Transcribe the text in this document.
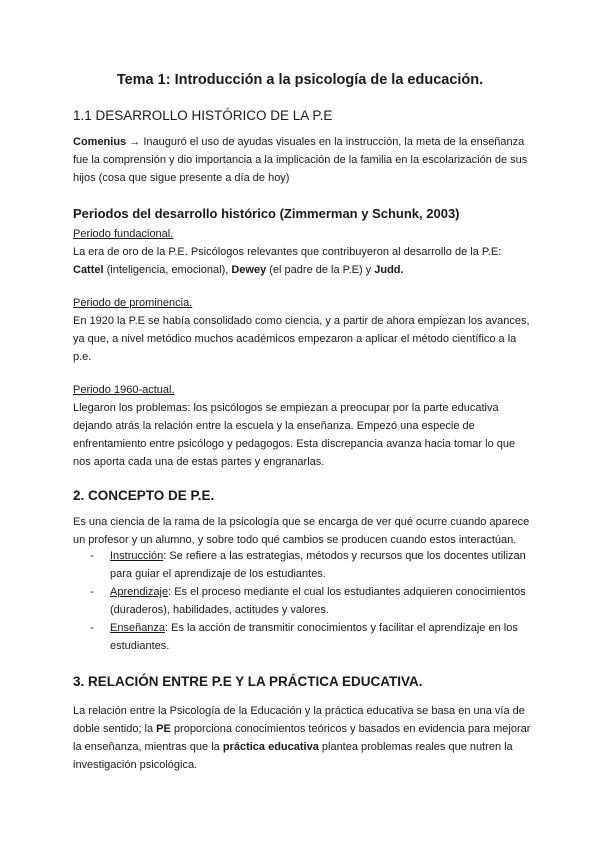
Tema 1: Introducción a la psicología de la educación.
1.1 DESARROLLO HISTÓRICO DE LA P.E
Comenius → Inauguró el uso de ayudas visuales en la instrucción, la meta de la enseñanza fue la comprensión y dio importancia a la implicación de la familia en la escolarización de sus hijos (cosa que sigue presente a día de hoy)
Periodos del desarrollo histórico (Zimmerman y Schunk, 2003)
Periodo fundacional.
La era de oro de la P.E. Psicólogos relevantes que contribuyeron al desarrollo de la P.E:
Cattel (inteligencia, emocional), Dewey (el padre de la P.E) y Judd.
Periodo de prominencia.
En 1920 la P.E se había consolidado como ciencia, y a partir de ahora empiezan los avances, ya que, a nivel metódico muchos académicos empezaron a aplicar el método científico a la p.e.
Periodo 1960-actual.
Llegaron los problemas: los psicólogos se empiezan a preocupar por la parte educativa dejando atrás la relación entre la escuela y la enseñanza. Empezó una especie de enfrentamiento entre psicólogo y pedagogos. Esta discrepancia avanza hacia tomar lo que nos aporta cada una de estas partes y engranarlas.
2. CONCEPTO DE P.E.
Es una ciencia de la rama de la psicología que se encarga de ver qué ocurre cuando aparece un profesor y un alumno, y sobre todo qué cambios se producen cuando estos interactúan.
- Instrucción: Se refiere a las estrategias, métodos y recursos que los docentes utilizan para guiar el aprendizaje de los estudiantes.
- Aprendizaje: Es el proceso mediante el cual los estudiantes adquieren conocimientos (duraderos), habilidades, actitudes y valores.
- Enseñanza: Es la acción de transmitir conocimientos y facilitar el aprendizaje en los estudiantes.
3. RELACIÓN ENTRE P.E Y LA PRÁCTICA EDUCATIVA.
La relación entre la Psicología de la Educación y la práctica educativa se basa en una vía de doble sentido; la PE proporciona conocimientos teóricos y basados en evidencia para mejorar la enseñanza, mientras que la práctica educativa plantea problemas reales que nutren la investigación psicológica.
